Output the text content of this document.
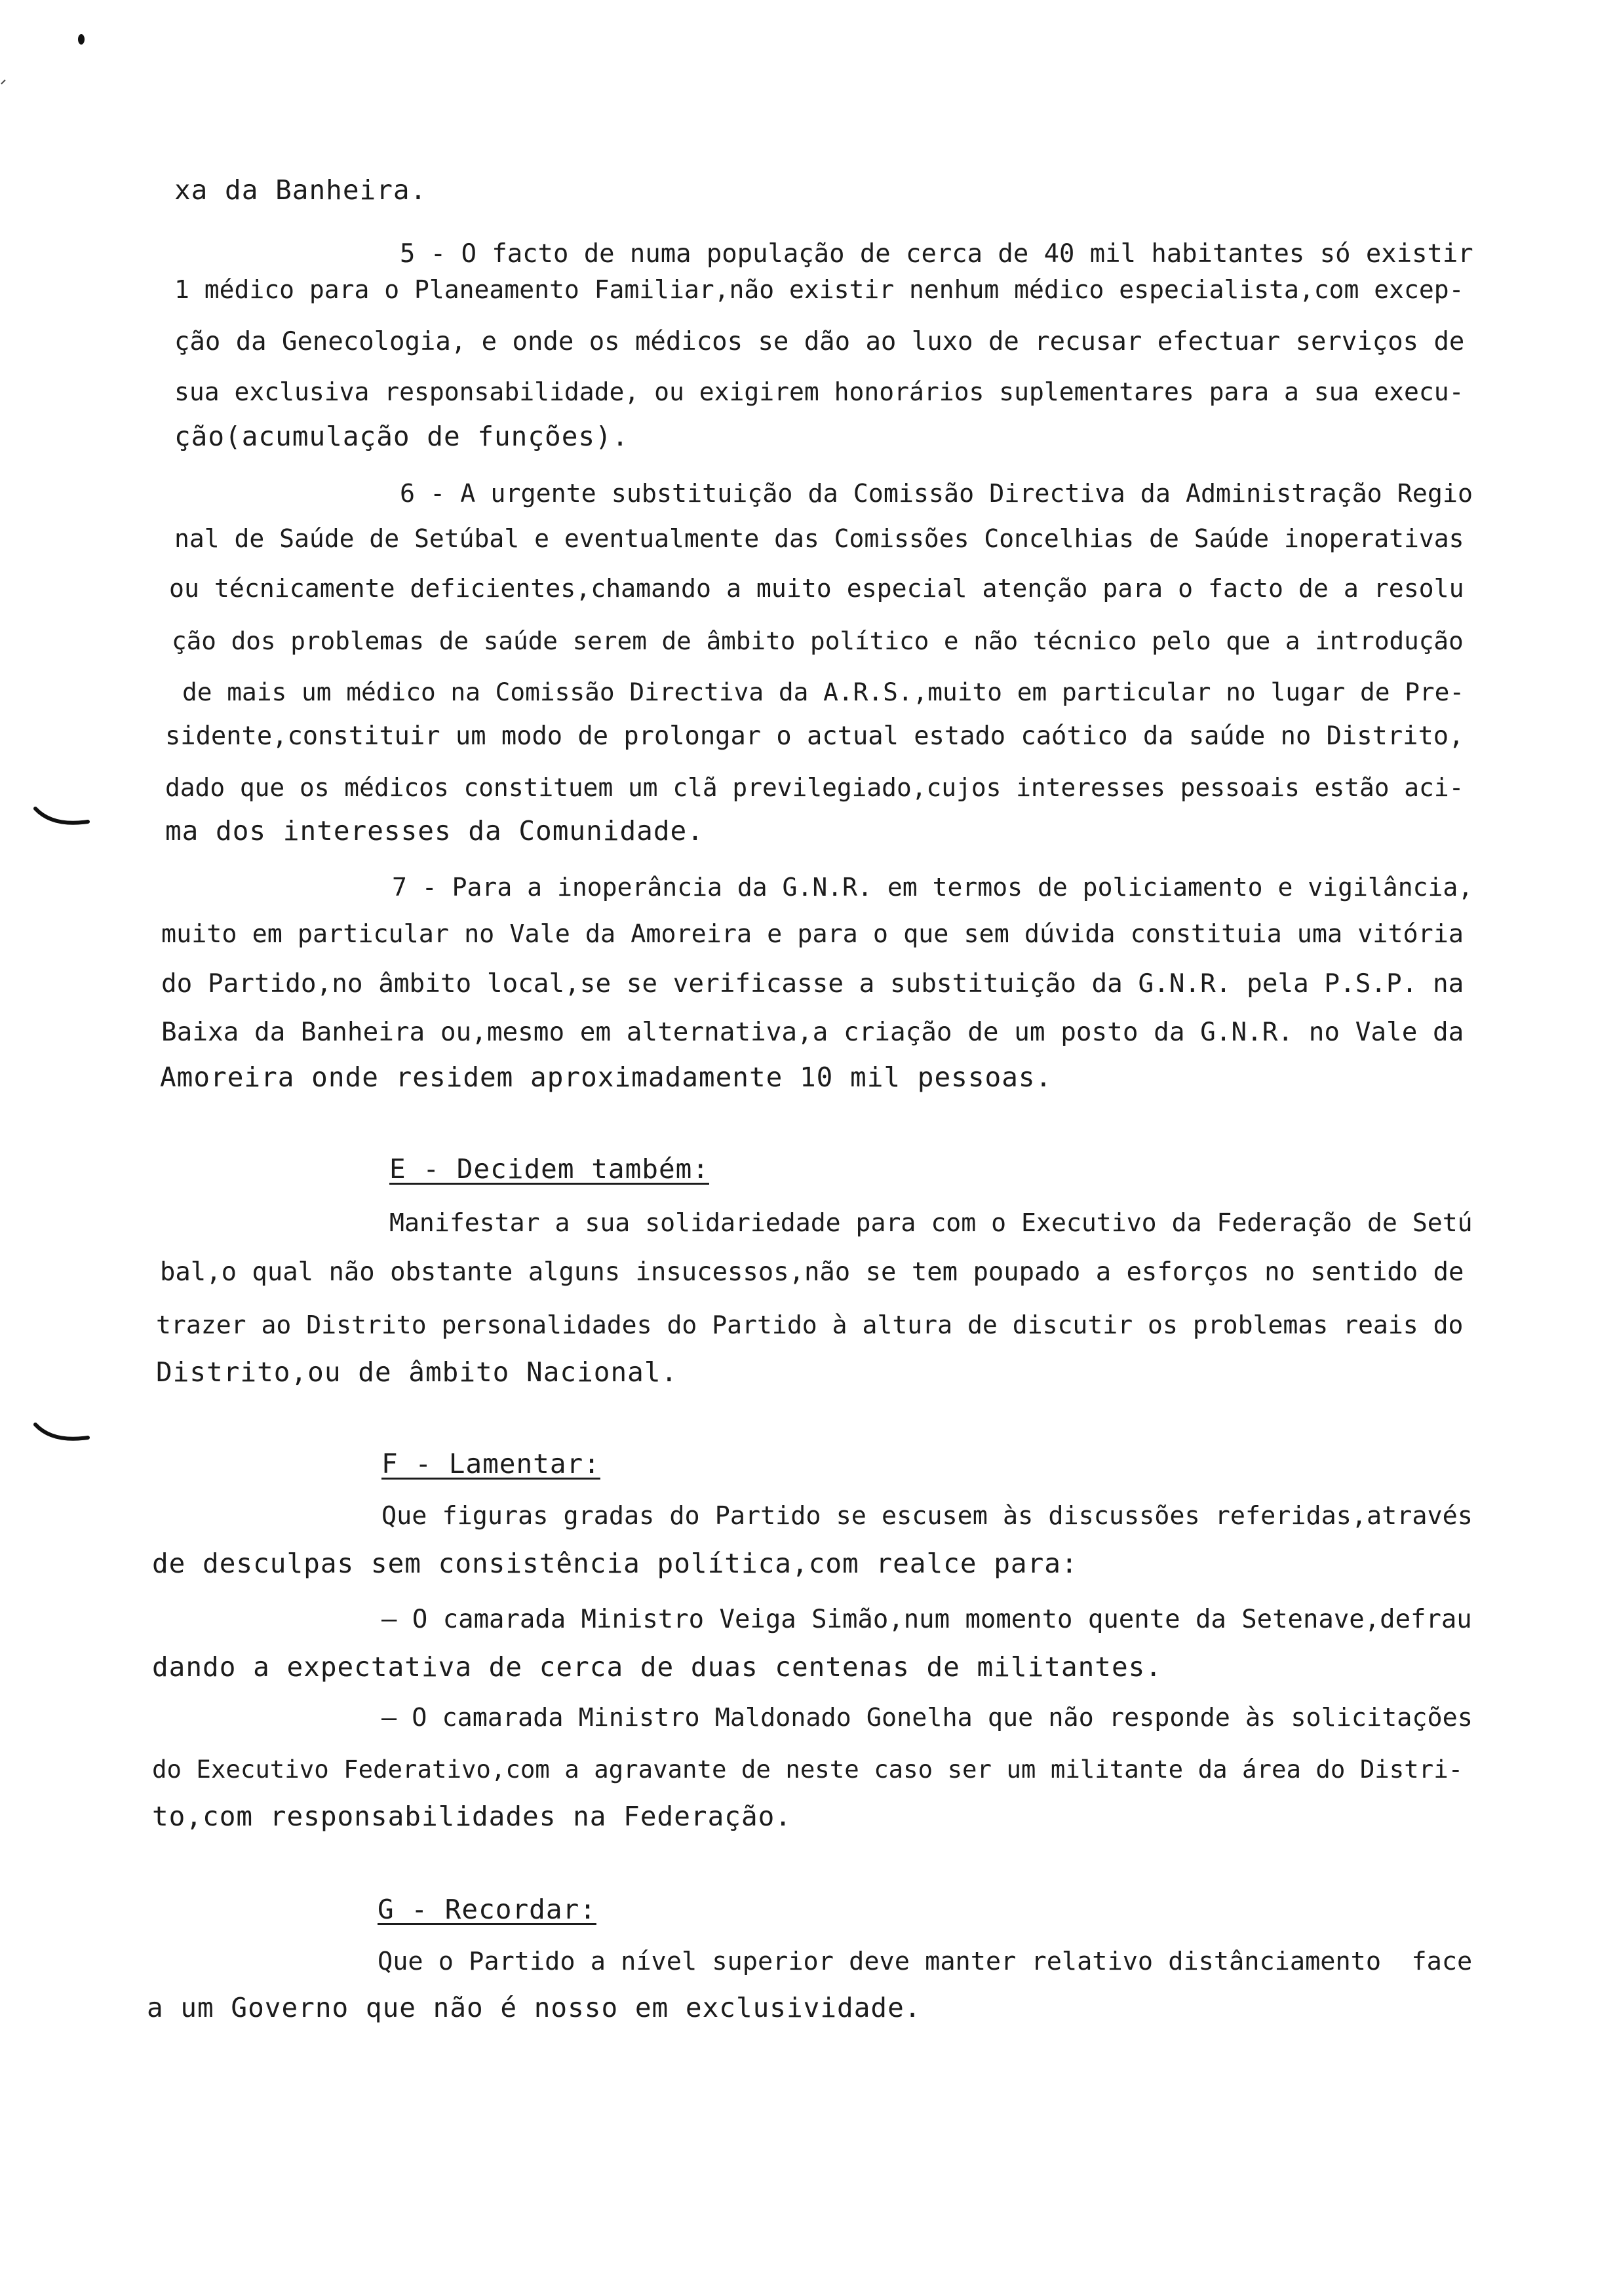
xa da Banheira.
5 - O facto de numa população de cerca de 40 mil habitantes só existir
1 médico para o Planeamento Familiar,não existir nenhum médico especialista,com excep-
ção da Genecologia, e onde os médicos se dão ao luxo de recusar efectuar serviços de
sua exclusiva responsabilidade, ou exigirem honorários suplementares para a sua execu-
ção(acumulação de funções).
6 - A urgente substituição da Comissão Directiva da Administração Regio
nal de Saúde de Setúbal e eventualmente das Comissões Concelhias de Saúde inoperativas
ou técnicamente deficientes,chamando a muito especial atenção para o facto de a resolu
ção dos problemas de saúde serem de âmbito político e não técnico pelo que a introdução
de mais um médico na Comissão Directiva da A.R.S.,muito em particular no lugar de Pre-
sidente,constituir um modo de prolongar o actual estado caótico da saúde no Distrito,
dado que os médicos constituem um clã previlegiado,cujos interesses pessoais estão aci-
ma dos interesses da Comunidade.
7 - Para a inoperância da G.N.R. em termos de policiamento e vigilância,
muito em particular no Vale da Amoreira e para o que sem dúvida constituia uma vitória
do Partido,no âmbito local,se se verificasse a substituição da G.N.R. pela P.S.P. na
Baixa da Banheira ou,mesmo em alternativa,a criação de um posto da G.N.R. no Vale da
Amoreira onde residem aproximadamente 10 mil pessoas.
E - Decidem também:
Manifestar a sua solidariedade para com o Executivo da Federação de Setú
bal,o qual não obstante alguns insucessos,não se tem poupado a esforços no sentido de
trazer ao Distrito personalidades do Partido à altura de discutir os problemas reais do
Distrito,ou de âmbito Nacional.
F - Lamentar:
Que figuras gradas do Partido se escusem às discussões referidas,através
de desculpas sem consistência política,com realce para:
— O camarada Ministro Veiga Simão,num momento quente da Setenave,defrau
dando a expectativa de cerca de duas centenas de militantes.
— O camarada Ministro Maldonado Gonelha que não responde às solicitações
do Executivo Federativo,com a agravante de neste caso ser um militante da área do Distri-
to,com responsabilidades na Federação.
G - Recordar:
Que o Partido a nível superior deve manter relativo distânciamento  face
a um Governo que não é nosso em exclusividade.
